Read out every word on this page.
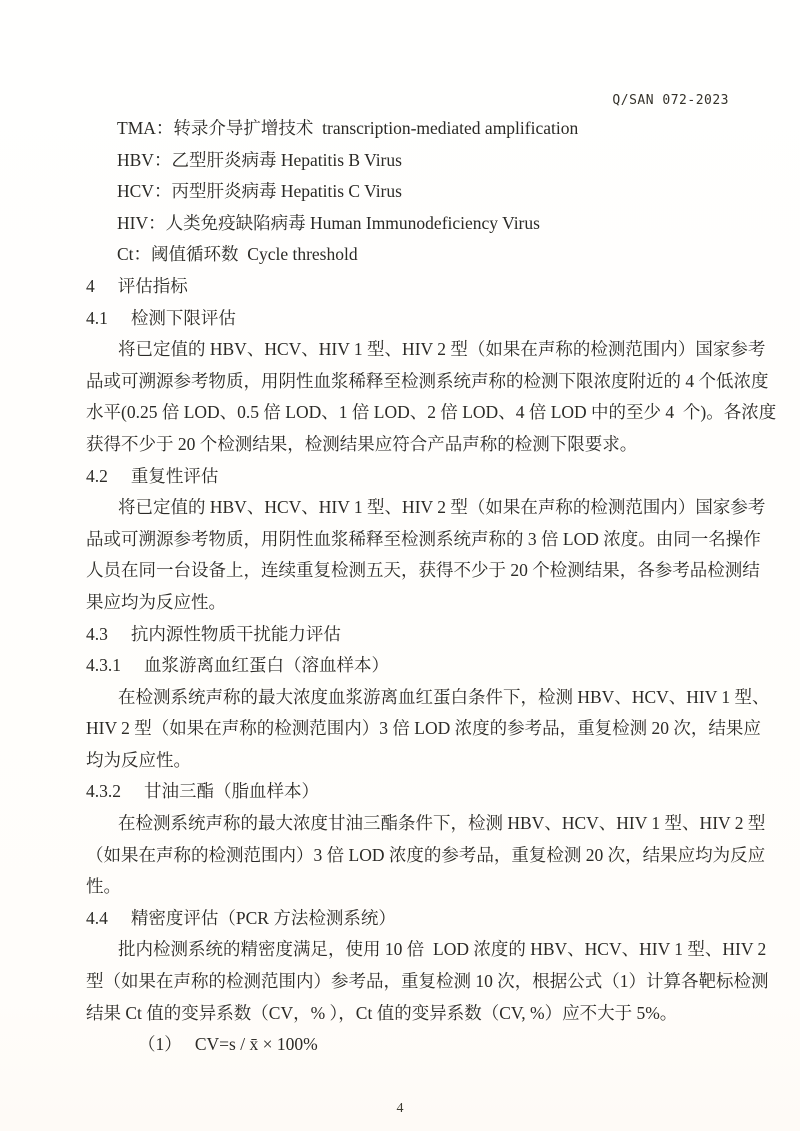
Q/SAN 072-2023
TMA：转录介导扩增技术  transcription-mediated amplification
HBV：乙型肝炎病毒 Hepatitis B Virus
HCV：丙型肝炎病毒 Hepatitis C Virus
HIV：人类免疫缺陷病毒 Human Immunodeficiency Virus
Ct：阈值循环数  Cycle threshold
4 评估指标
4.1 检测下限评估
将已定值的 HBV、HCV、HIV 1 型、HIV 2 型（如果在声称的检测范围内）国家参考
品或可溯源参考物质，用阴性血浆稀释至检测系统声称的检测下限浓度附近的 4 个低浓度
水平(0.25 倍 LOD、0.5 倍 LOD、1 倍 LOD、2 倍 LOD、4 倍 LOD 中的至少 4  个)。各浓度
获得不少于 20 个检测结果，检测结果应符合产品声称的检测下限要求。
4.2 重复性评估
将已定值的 HBV、HCV、HIV 1 型、HIV 2 型（如果在声称的检测范围内）国家参考
品或可溯源参考物质，用阴性血浆稀释至检测系统声称的 3 倍 LOD 浓度。由同一名操作
人员在同一台设备上，连续重复检测五天，获得不少于 20 个检测结果，各参考品检测结
果应均为反应性。
4.3 抗内源性物质干扰能力评估
4.3.1 血浆游离血红蛋白（溶血样本）
在检测系统声称的最大浓度血浆游离血红蛋白条件下，检测 HBV、HCV、HIV 1 型、
HIV 2 型（如果在声称的检测范围内）3 倍 LOD 浓度的参考品，重复检测 20 次，结果应
均为反应性。
4.3.2 甘油三酯（脂血样本）
在检测系统声称的最大浓度甘油三酯条件下，检测 HBV、HCV、HIV 1 型、HIV 2 型
（如果在声称的检测范围内）3 倍 LOD 浓度的参考品，重复检测 20 次，结果应均为反应
性。
4.4 精密度评估（PCR 方法检测系统）
批内检测系统的精密度满足，使用 10 倍  LOD 浓度的 HBV、HCV、HIV 1 型、HIV 2
型（如果在声称的检测范围内）参考品，重复检测 10 次，根据公式（1）计算各靶标检测
结果 Ct 值的变异系数（CV，% ），Ct 值的变异系数（CV, %）应不大于 5%。
（1）   CV=s / x̄ × 100%
4
